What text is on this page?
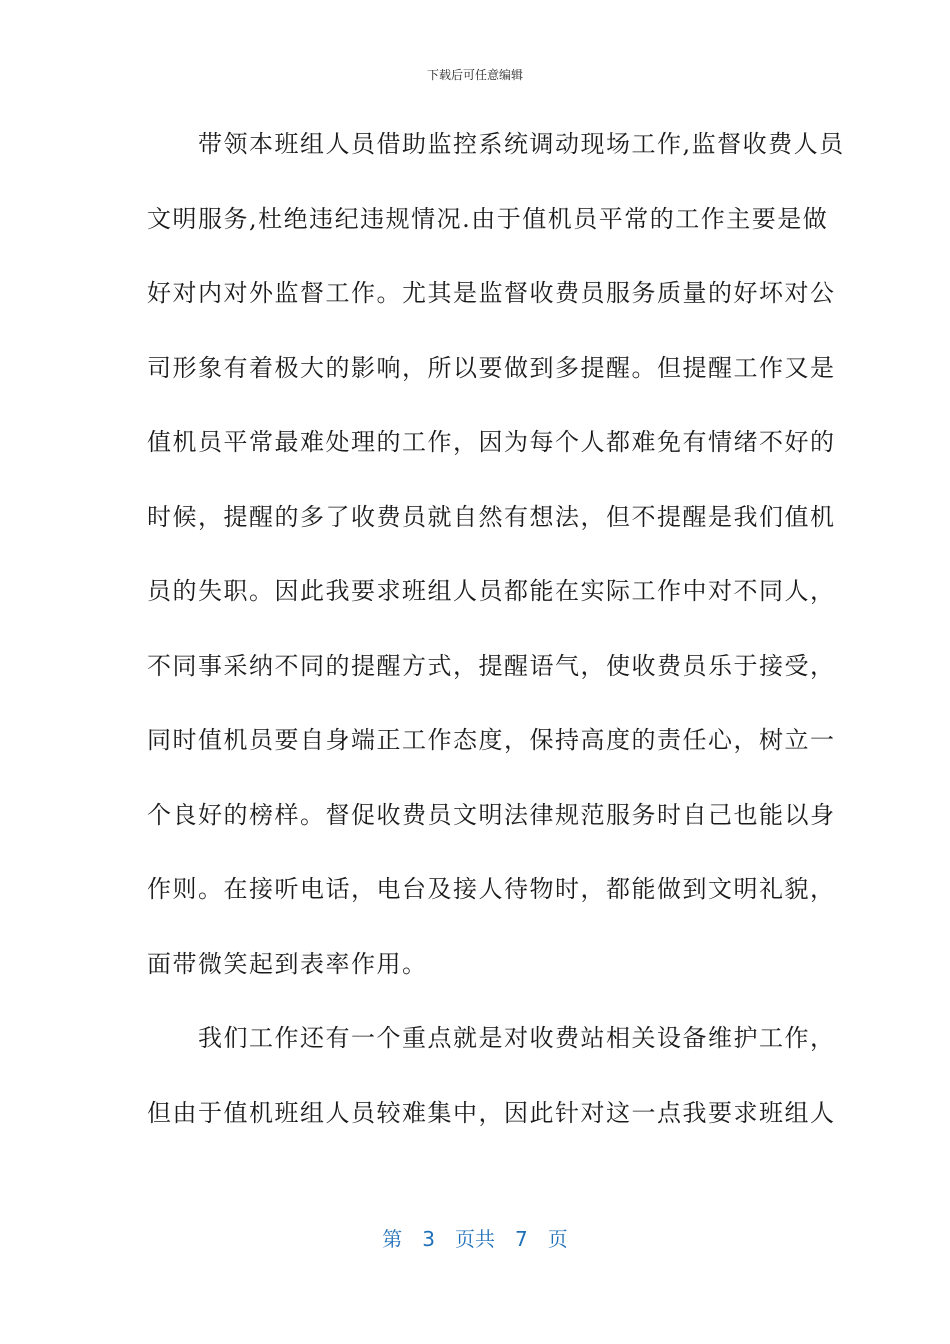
下载后可任意编辑
　　带领本班组人员借助监控系统调动现场工作,监督收费人员
文明服务,杜绝违纪违规情况.由于值机员平常的工作主要是做
好对内对外监督工作。尤其是监督收费员服务质量的好坏对公
司形象有着极大的影响，所以要做到多提醒。但提醒工作又是
值机员平常最难处理的工作，因为每个人都难免有情绪不好的
时候，提醒的多了收费员就自然有想法，但不提醒是我们值机
员的失职。因此我要求班组人员都能在实际工作中对不同人，
不同事采纳不同的提醒方式，提醒语气，使收费员乐于接受，
同时值机员要自身端正工作态度，保持高度的责任心，树立一
个良好的榜样。督促收费员文明法律规范服务时自己也能以身
作则。在接听电话，电台及接人待物时，都能做到文明礼貌，
面带微笑起到表率作用。
　　我们工作还有一个重点就是对收费站相关设备维护工作，
但由于值机班组人员较难集中，因此针对这一点我要求班组人
第　3　页共　7　页
